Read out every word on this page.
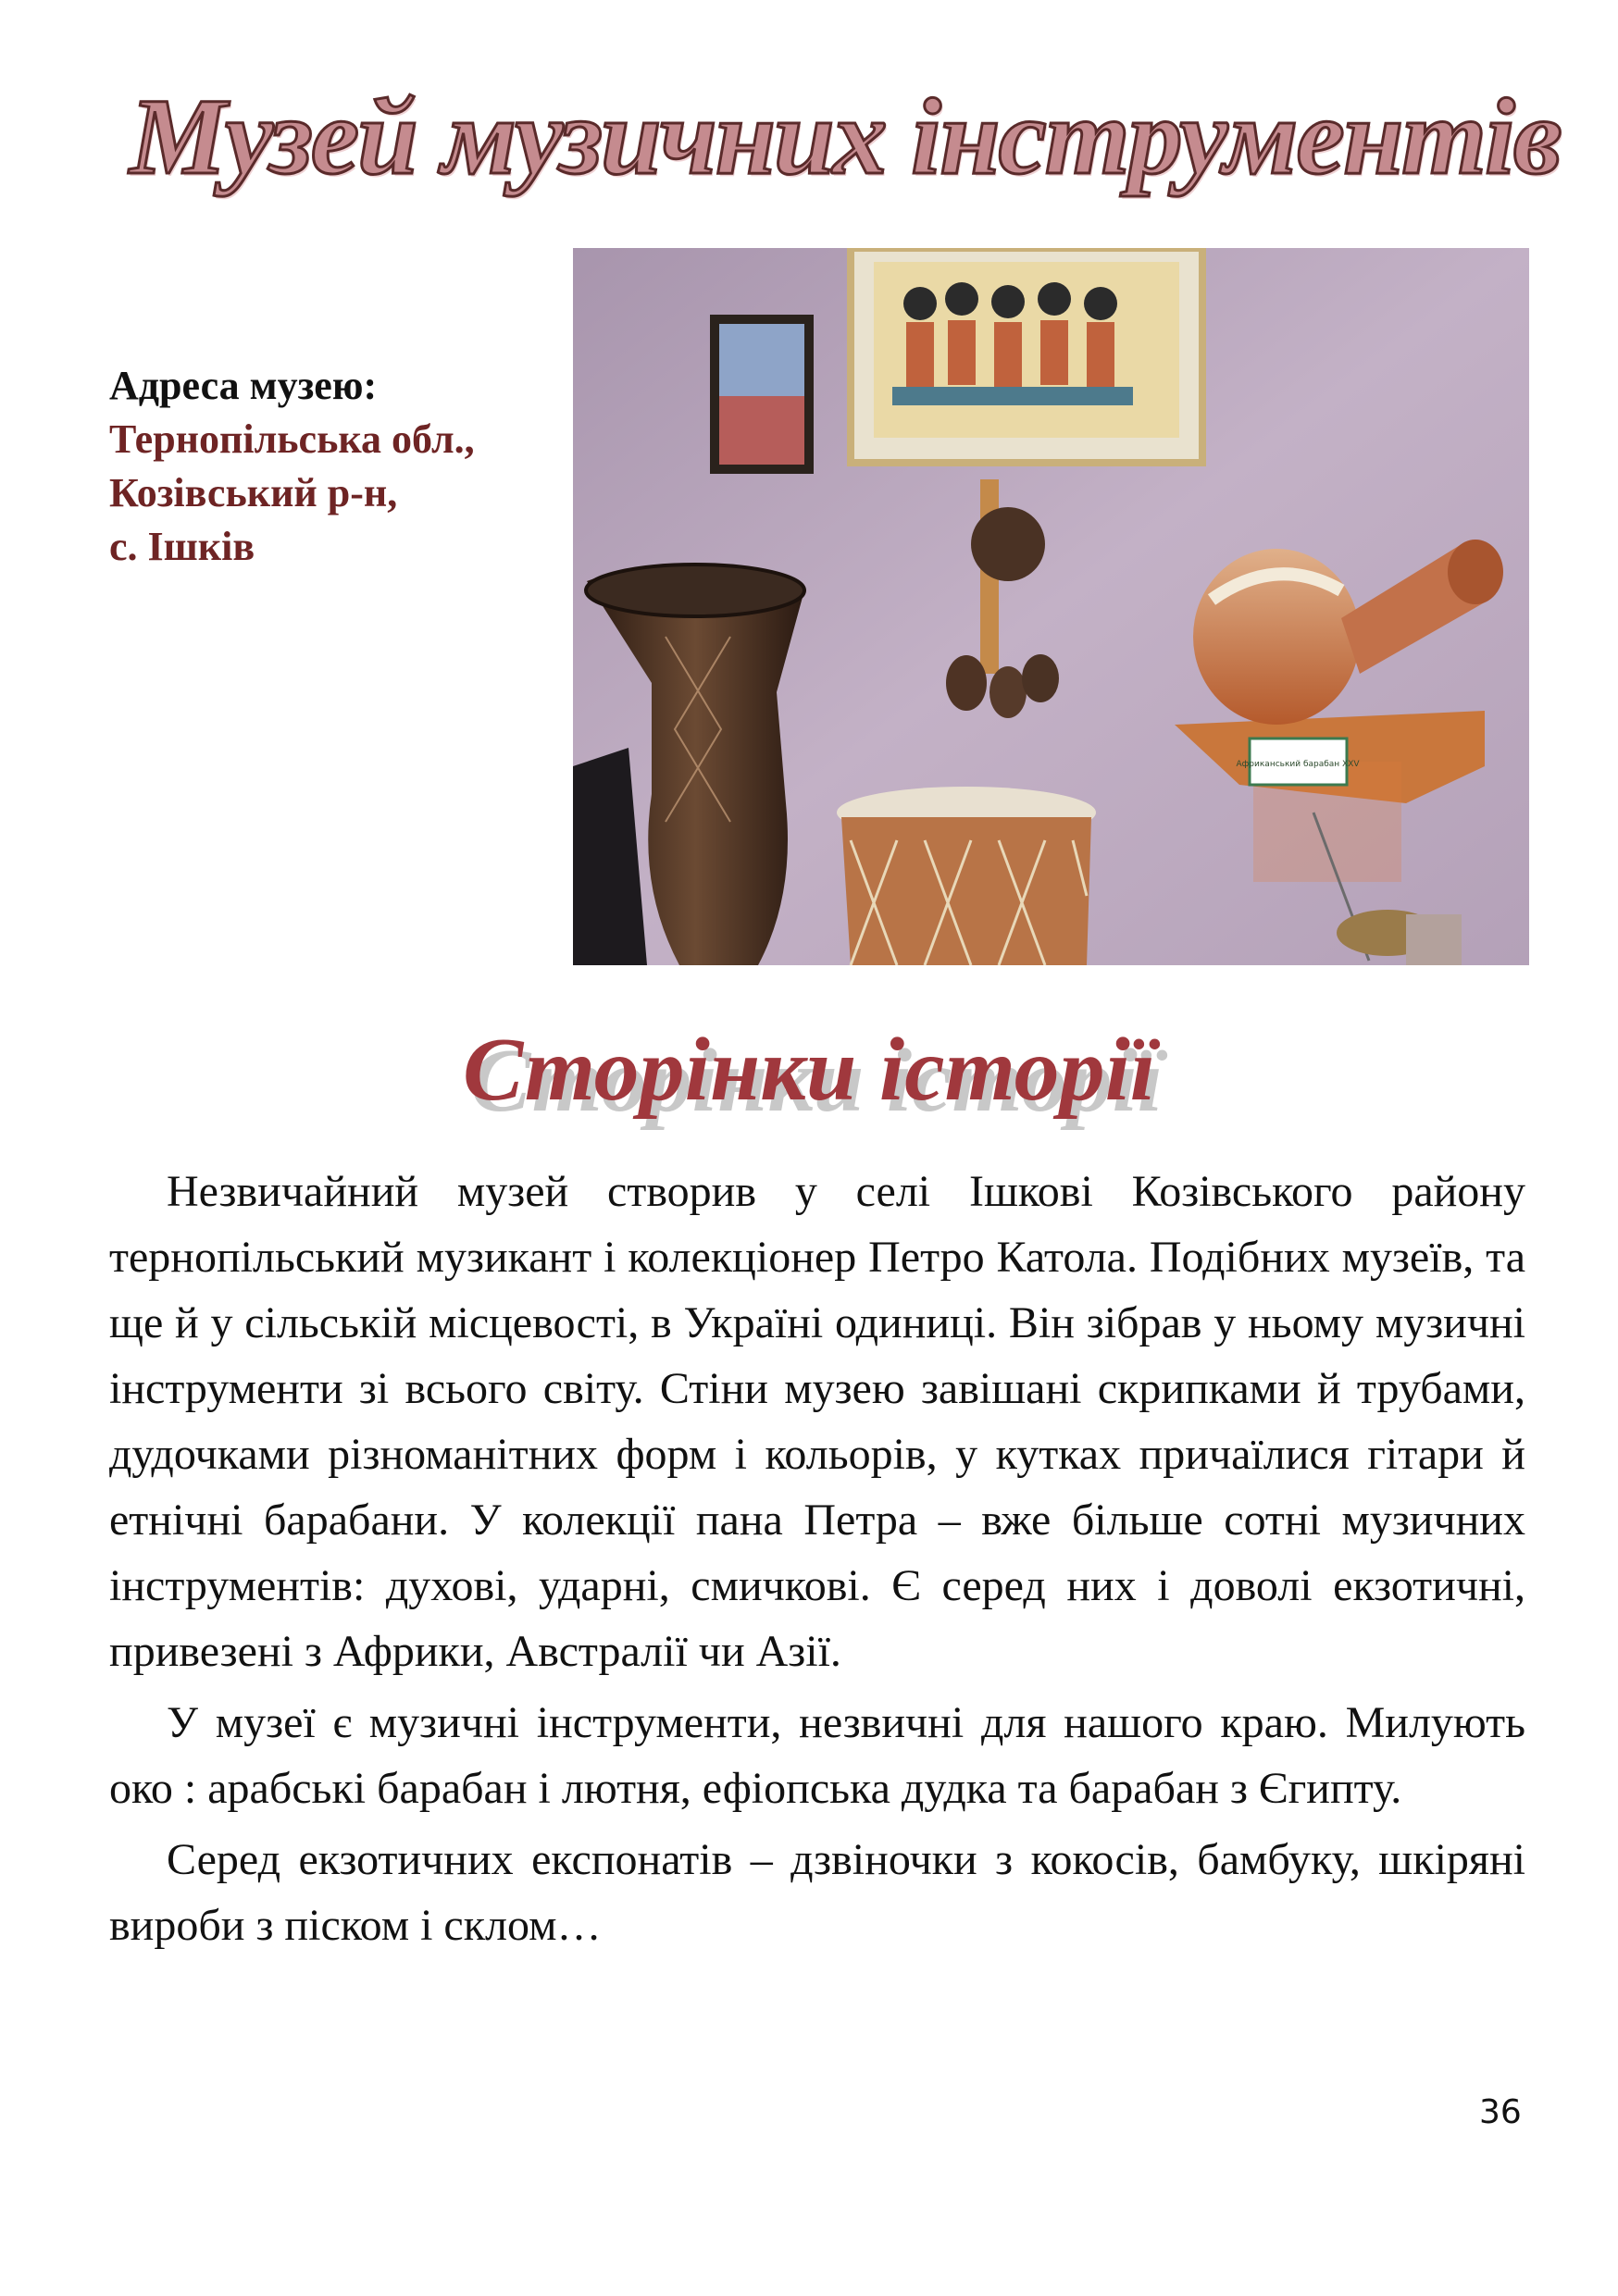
Музей музичних інструментів
Адреса музею:
Тернопільська обл.,
Козівський р-н,
с. Ішків
Африканський барабан XXV
Сторінки історії

Незвичайний музей створив у селі Ішкові Козівського району тернопільський музикант і колекціонер Петро Катола. Подібних музеїв, та ще й у сільській місцевості, в Україні одиниці. Він зібрав у ньому музичні інструменти зі всього світу. Стіни музею завішані скрипками й трубами, дудочками різноманітних форм і кольорів, у кутках причаїлися гітари й етнічні барабани. У колекції пана Петра – вже більше сотні музичних інструментів: духові, ударні, смичкові. Є серед них і доволі екзотичні, привезені з Африки, Австралії чи Азії.

У музеї є музичні інструменти, незвичні для нашого краю. Милують око : арабські барабан і лютня, ефіопська дудка та барабан з Єгипту.

Серед екзотичних експонатів – дзвіночки з кокосів, бамбуку, шкіряні вироби з піском і склом…

36
